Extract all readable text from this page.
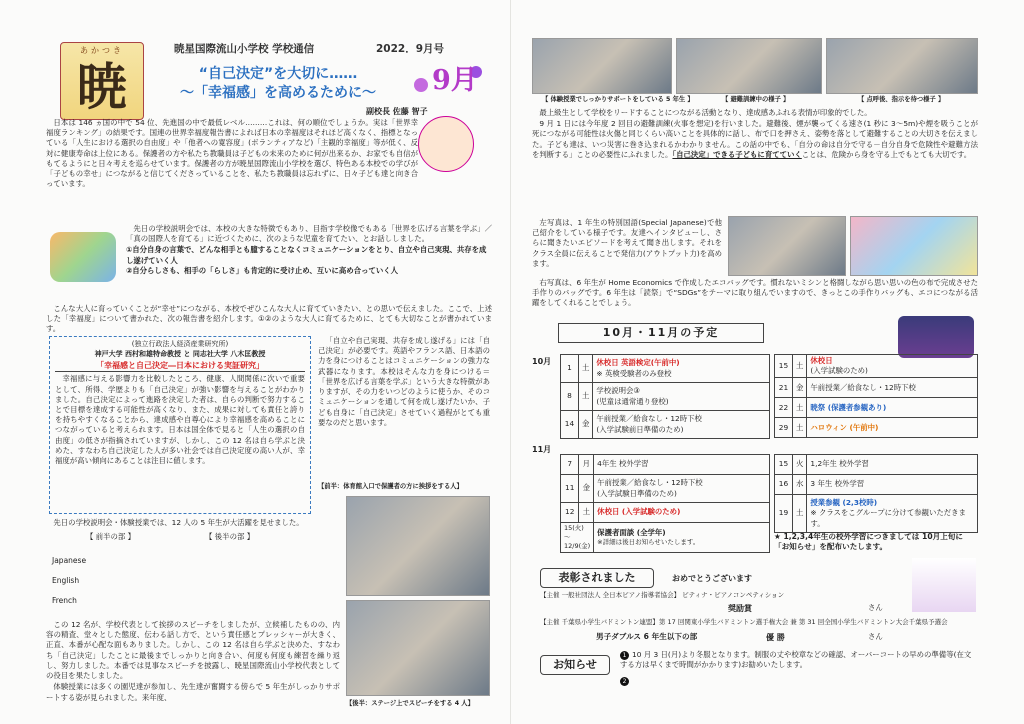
あかつき
暁
暁星国際流山小学校 学校通信	2022．9月号
“自己決定”を大切に……
～「幸福感」を高めるために～	9月
副校長 佐藤 智子

日本は 146 ヵ国の中で 54 位、先進国の中で最低レベル………これは、何の順位でしょうか。実は「世界幸福度ランキング」の結果です。国連の世界幸福度報告書によれば日本の幸福度はそれほど高くなく、指標となっている「人生における選択の自由度」や「他者への寛容度」(ボランティアなど)「主観的幸福度」等が低く、反対に健康寿命は上位にある。保護者の方や私たち教職員は子どもの未来のために何が出来るか、お家でも自信がもてるようにと日々考えを巡らせています。保護者の方が暁星国際流山小学校を選び、特色ある本校での学びが「子どもの幸せ」につながると信じてくださっていることを、私たち教職員は忘れずに、日々子ども達と向き合っています。

先日の学校説明会では、本校の大きな特徴でもあり、目指す学校像でもある「世界を広げる言葉を学ぶ」／「真の国際人を育てる」に近づくために、次のような児童を育てたい、とお話ししました。

①自分自身の言葉で、どんな相手とも臆することなくコミュニケーションをとり、自立や自己実現、共存を成し遂げていく人

②自分らしさも、相手の「らしさ」も肯定的に受け止め、互いに高め合っていく人

こんな大人に育っていくことが“幸せ”につながる、本校でぜひこんな大人に育てていきたい、との思いで伝えました。ここで、上述した「幸福度」について書かれた、次の報告書を紹介します。①②のような大人に育てるために、とても大切なことが書かれています。

(独立行政法人経済産業研究所)
神戸大学 西村和雄特命教授 と 同志社大学 八木匡教授
「幸福感と自己決定―日本における実証研究」

幸福感に与える影響力を比較したところ、健康、人間関係に次いで重要として、所得、学歴よりも「自己決定」が強い影響を与えることがわかりました。自己決定によって進路を決定した者は、自らの判断で努力することで目標を達成する可能性が高くなり、また、成果に対しても責任と誇りを持ちやすくなることから、達成感や自尊心により幸福感を高めることにつながっていると考えられます。日本は国全体で見ると「人生の選択の自由度」の低さが指摘されていますが、しかし、この 12 名は自ら学ぶと決めた、すなわち自己決定した人が多い社会では自己決定度の高い人が、幸福度が高い傾向にあることは注目に値します。

「自立や自己実現、共存を成し遂げる」には「自己決定」が必要です。英語やフランス語、日本語の力を身につけることはコミュニケーションの強力な武器になります。本校はそんな力を身につける＝「世界を広げる言葉を学ぶ」という大きな特徴がありますが、その力をいつどのように使うか、そのコミュニケーションを通して何を成し遂げたいか、子ども自身に「自己決定」させていく過程がとても重要なのだと思います。

【前半：体育館入口で保護者の方に挨拶をする人】

先日の学校説明会・体験授業では、12 人の 5 年生が大活躍を見せました。

【 前半の部 】	【 後半の部 】
Japanese
English
French

この 12 名が、学校代表として挨拶のスピーチをしましたが、立候補したものの、内容の精査、堂々とした態度、伝わる話し方で、という責任感とプレッシャーが大きく、正直、本番が心配な面もありました。しかし、この 12 名は自ら学ぶと決めた、すなわち「自己決定」したことに最後までしっかりと向き合い、何度も何度も練習を繰り返し、努力しました。本番では見事なスピーチを披露し、暁星国際流山小学校代表としての役目を果たしました。

体験授業には多くの園児達が参加し、先生達が奮闘する傍らで 5 年生がしっかりサポートする姿が見られました。来年度、

【後半：ステージ上でスピーチをする 4 人】
【 体験授業でしっかりサポートをしている 5 年生 】	【 避難訓練中の様子 】	【 点呼後、指示を待つ様子 】

最上級生として学校をリードすることにつながる活動となり、達成感あふれる表情が印象的でした。

9 月 1 日には今年度 2 回目の避難訓練(火事を想定)を行いました。避難後、煙が襲ってくる速さ(1 秒に 3～5m)や煙を吸うことが死につながる可能性は火傷と同じくらい高いことを具体的に話し、布で口を押さえ、姿勢を落として避難することの大切さを伝えました。子ども達は、いつ災害に巻き込まれるかわかりません。この話の中でも、「自分の命は自分で守る－自分自身で危険性や避難方法を判断する」ことの必要性にふれました。「自己決定」できる子どもに育てていくことは、危険から身を守る上でもとても大切です。

左写真は、1 年生の特別国語(Special Japanese)で他己紹介をしている様子です。友達へインタビューし、さらに聞きたいエピソードを考えて聞き出します。それをクラス全員に伝えることで発信力(アウトプット力)を高めます。

右写真は、6 年生が Home Economics で作成したエコバッグです。慣れないミシンと格闘しながら思い思いの色の布で完成させた手作りのバッグです。6 年生は「読祭」で“SDGs”をテーマに取り組んでいますので、きっとこの手作りバッグも、エコにつながる活躍をしてくれることでしょう。

10月・11月の予定
10月
1	土	休校日 英語検定(午前中)
※ 英検受験者のみ登校

8	土	学校説明会③
(児童は通常通り登校)

14	金	午前授業／給食なし・12時下校
(入学試験前日準備のため)
15	土	休校日
(入学試験のため)

21	金	午前授業／給食なし・12時下校
22	土	暁祭 (保護者参観あり)
29	土	ハロウィン (午前中)
11月
7	月	4年生 校外学習
11	金	午前授業／給食なし・12時下校
(入学試験日準備のため)

12	土	休校日 (入学試験のため)
15(火)～12/9(金)		保護者面談 (全学年)
※詳細は後日お知らせいたします。
15	火	1,2年生 校外学習
16	水	3 年生 校外学習
19	土	授業参観 (2,3校時)
※ クラスをこグループに分けて参観いただきます。
★ 1,2,3,4年生の校外学習につきましては 10月上旬に「お知らせ」を配布いたします。
表彰されました	おめでとうございます
【主催 一般社団法人 全日本ピアノ指導者協会】 ピティナ・ピアノコンペティション
奨励賞	さん
【主催 千葉県小学生バドミントン連盟】第 17 回関東小学生バドミントン選手権大会 兼 第 31 回全国小学生バドミントン大会千葉県予選会
男子ダブルス 6 年生以下の部	優 勝	さん
お知らせ
1 10 月 3 日(月)より冬服となります。制服の丈や校章などの確認、オーバーコートの早めの準備等(在文する方は早くまで時間がかかります)お勧めいたします。
2
